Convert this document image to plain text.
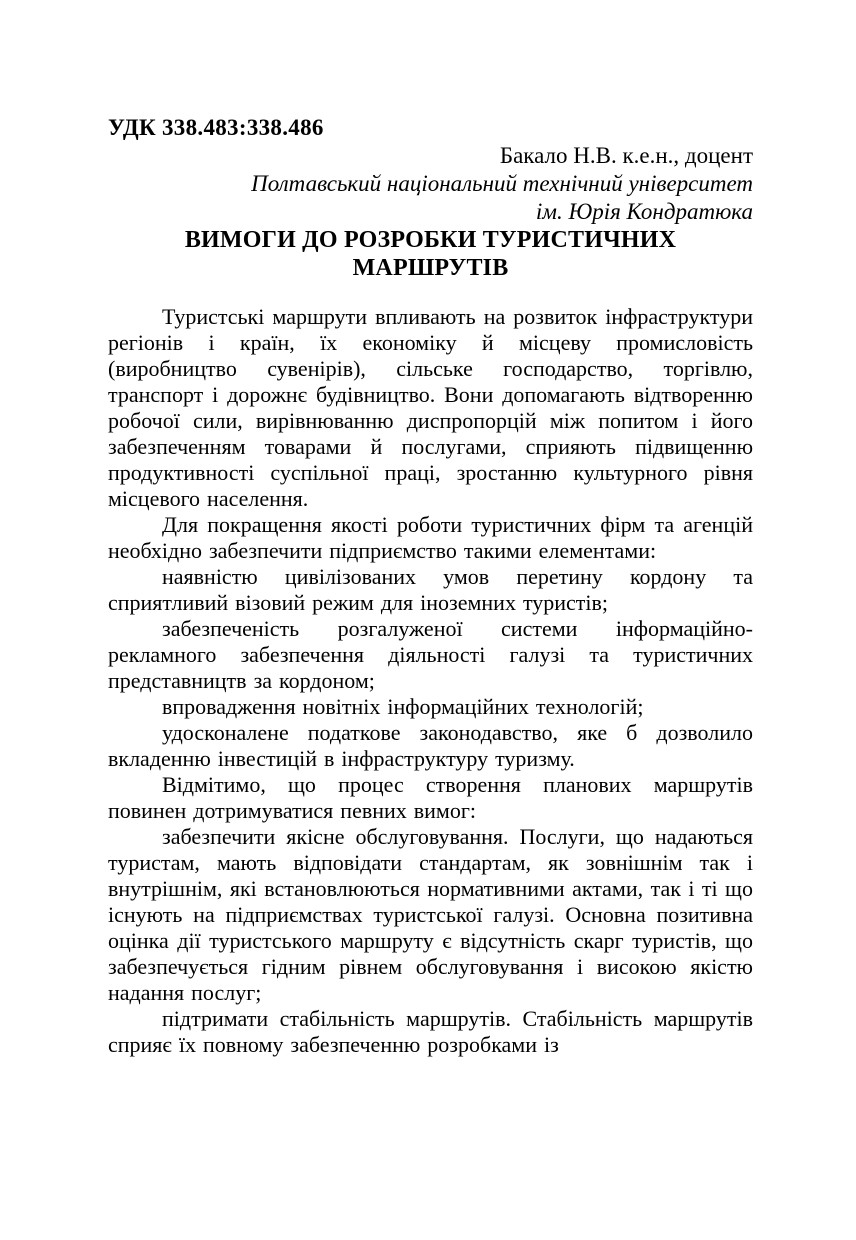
УДК 338.483:338.486

Бакало Н.В. к.е.н., доцент

Полтавський національний технічний університет

ім. Юрія Кондратюка

ВИМОГИ ДО РОЗРОБКИ ТУРИСТИЧНИХ
МАРШРУТІВ

Туристські маршрути впливають на розвиток інфраструктури регіонів і країн, їх економіку й місцеву промисловість (виробництво сувенірів), сільське господарство, торгівлю, транспорт і дорожнє будівництво. Вони допомагають відтворенню робочої сили, вирівнюванню диспропорцій між попитом і його забезпеченням товарами й послугами, сприяють підвищенню продуктивності суспільної праці, зростанню культурного рівня місцевого населення.

Для покращення якості роботи туристичних фірм та агенцій необхідно забезпечити підприємство такими елементами:

наявністю цивілізованих умов перетину кордону та сприятливий візовий режим для іноземних туристів;

забезпеченість розгалуженої системи інформаційно-рекламного забезпечення діяльності галузі та туристичних представництв за кордоном;

впровадження новітніх інформаційних технологій;

удосконалене податкове законодавство, яке б дозволило вкладенню інвестицій в інфраструктуру туризму.

Відмітимо, що процес створення планових маршрутів повинен дотримуватися певних вимог:

забезпечити якісне обслуговування. Послуги, що надаються туристам, мають відповідати стандартам, як зовнішнім так і внутрішнім, які встановлюються нормативними актами, так і ті що існують на підприємствах туристської галузі. Основна позитивна оцінка дії туристського маршруту є відсутність скарг туристів, що забезпечується гідним рівнем обслуговування і високою якістю надання послуг;

підтримати стабільність маршрутів. Стабільність маршрутів сприяє їх повному забезпеченню розробками із
